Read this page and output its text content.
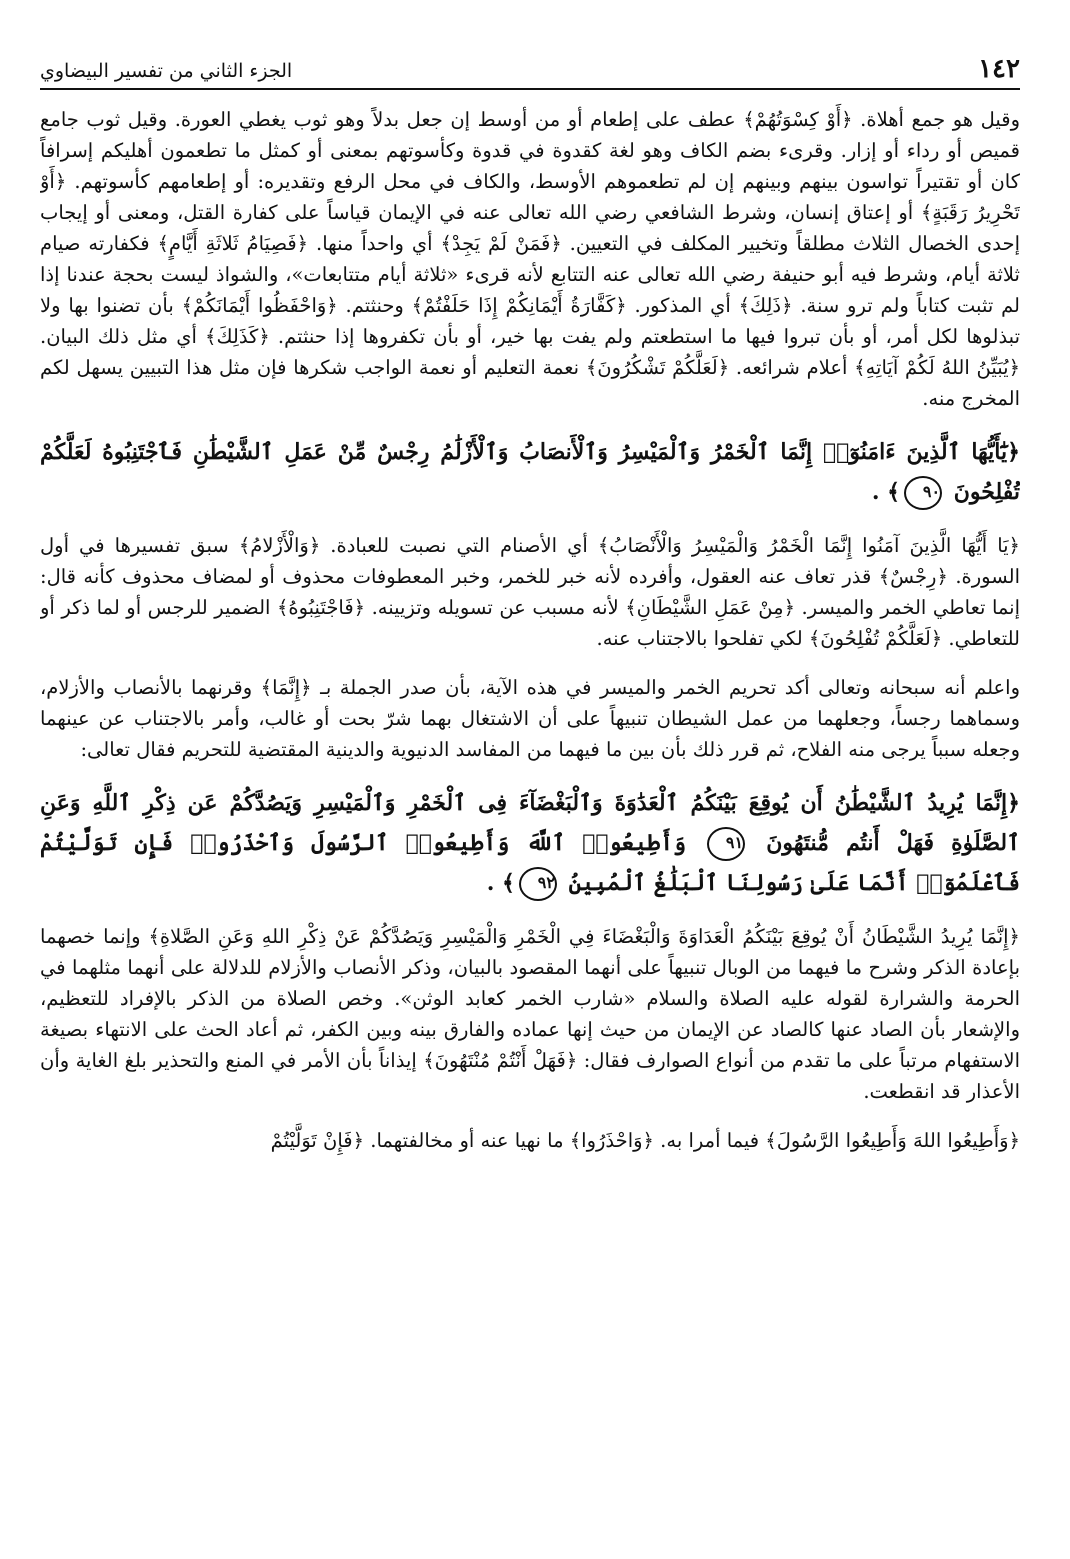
١٤٢
الجزء الثاني من تفسير البيضاوي

وقيل هو جمع أهلاة. ﴿أَوْ كِسْوَتُهُمْ﴾ عطف على إطعام أو من أوسط إن جعل بدلاً وهو ثوب يغطي العورة. وقيل ثوب جامع قميص أو رداء أو إزار. وقرىء بضم الكاف وهو لغة كقدوة في قدوة وكأسوتهم بمعنى أو كمثل ما تطعمون أهليكم إسرافاً كان أو تقتيراً تواسون بينهم وبينهم إن لم تطعموهم الأوسط، والكاف في محل الرفع وتقديره: أو إطعامهم كأسوتهم. ﴿أَوْ تَحْرِيرُ رَقَبَةٍ﴾ أو إعتاق إنسان، وشرط الشافعي رضي الله تعالى عنه في الإيمان قياساً على كفارة القتل، ومعنى أو إيجاب إحدى الخصال الثلاث مطلقاً وتخيير المكلف في التعيين. ﴿فَمَنْ لَمْ يَجِدْ﴾ أي واحداً منها. ﴿فَصِيَامُ ثَلاثَةِ أَيَّامٍ﴾ فكفارته صيام ثلاثة أيام، وشرط فيه أبو حنيفة رضي الله تعالى عنه التتابع لأنه قرىء «ثلاثة أيام متتابعات»، والشواذ ليست بحجة عندنا إذا لم تثبت كتاباً ولم ترو سنة. ﴿ذَلِكَ﴾ أي المذكور. ﴿كَفَّارَةُ أَيْمَانِكُمْ إِذَا حَلَفْتُمْ﴾ وحنثتم. ﴿وَاحْفَظُوا أَيْمَانَكُمْ﴾ بأن تضنوا بها ولا تبذلوها لكل أمر، أو بأن تبروا فيها ما استطعتم ولم يفت بها خير، أو بأن تكفروها إذا حنثتم. ﴿كَذَلِكَ﴾ أي مثل ذلك البيان. ﴿يُبَيِّنُ اللهُ لَكُمْ آيَاتِهِ﴾ أعلام شرائعه. ﴿لَعَلَّكُمْ تَشْكُرُونَ﴾ نعمة التعليم أو نعمة الواجب شكرها فإن مثل هذا التبيين يسهل لكم المخرج منه.

﴿يَٰٓأَيُّهَا ٱلَّذِينَ ءَامَنُوٓا۟ إِنَّمَا ٱلْخَمْرُ وَٱلْمَيْسِرُ وَٱلْأَنصَابُ وَٱلْأَزْلَٰمُ رِجْسٌ مِّنْ عَمَلِ ٱلشَّيْطَٰنِ فَٱجْتَنِبُوهُ لَعَلَّكُمْ تُفْلِحُونَ ٩٠﴾ .

﴿يَا أَيُّهَا الَّذِينَ آمَنُوا إِنَّمَا الْخَمْرُ وَالْمَيْسِرُ وَالْأَنْصَابُ﴾ أي الأصنام التي نصبت للعبادة. ﴿وَالْأَزْلامُ﴾ سبق تفسيرها في أول السورة. ﴿رِجْسٌ﴾ قذر تعاف عنه العقول، وأفرده لأنه خبر للخمر، وخبر المعطوفات محذوف أو لمضاف محذوف كأنه قال: إنما تعاطي الخمر والميسر. ﴿مِنْ عَمَلِ الشَّيْطَانِ﴾ لأنه مسبب عن تسويله وتزيينه. ﴿فَاجْتَنِبُوهُ﴾ الضمير للرجس أو لما ذكر أو للتعاطي. ﴿لَعَلَّكُمْ تُفْلِحُونَ﴾ لكي تفلحوا بالاجتناب عنه.

واعلم أنه سبحانه وتعالى أكد تحريم الخمر والميسر في هذه الآية، بأن صدر الجملة بـ ﴿إِنَّمَا﴾ وقرنهما بالأنصاب والأزلام، وسماهما رجساً، وجعلهما من عمل الشيطان تنبيهاً على أن الاشتغال بهما شرّ بحت أو غالب، وأمر بالاجتناب عن عينهما وجعله سبباً يرجى منه الفلاح، ثم قرر ذلك بأن بين ما فيهما من المفاسد الدنيوية والدينية المقتضية للتحريم فقال تعالى:

﴿إِنَّمَا يُرِيدُ ٱلشَّيْطَٰنُ أَن يُوقِعَ بَيْنَكُمُ ٱلْعَدَٰوَةَ وَٱلْبَغْضَآءَ فِى ٱلْخَمْرِ وَٱلْمَيْسِرِ وَيَصُدَّكُمْ عَن ذِكْرِ ٱللَّهِ وَعَنِ ٱلصَّلَوٰةِ فَهَلْ أَنتُم مُّنتَهُونَ ٩١ وَأَطِيعُوا۟ ٱللَّهَ وَأَطِيعُوا۟ ٱلرَّسُولَ وَٱحْذَرُوا۟ فَإِن تَوَلَّيْتُمْ فَٱعْلَمُوٓا۟ أَنَّمَا عَلَىٰ رَسُولِنَا ٱلْبَلَٰغُ ٱلْمُبِينُ ٩٢﴾ .

﴿إِنَّمَا يُرِيدُ الشَّيْطَانُ أَنْ يُوقِعَ بَيْنَكُمُ الْعَدَاوَةَ وَالْبَغْضَاءَ فِي الْخَمْرِ وَالْمَيْسِرِ وَيَصُدَّكُمْ عَنْ ذِكْرِ اللهِ وَعَنِ الصَّلاةِ﴾ وإنما خصهما بإعادة الذكر وشرح ما فيهما من الوبال تنبيهاً على أنهما المقصود بالبيان، وذكر الأنصاب والأزلام للدلالة على أنهما مثلهما في الحرمة والشرارة لقوله عليه الصلاة والسلام «شارب الخمر كعابد الوثن». وخص الصلاة من الذكر بالإفراد للتعظيم، والإشعار بأن الصاد عنها كالصاد عن الإيمان من حيث إنها عماده والفارق بينه وبين الكفر، ثم أعاد الحث على الانتهاء بصيغة الاستفهام مرتباً على ما تقدم من أنواع الصوارف فقال: ﴿فَهَلْ أَنْتُمْ مُنْتَهُونَ﴾ إيذاناً بأن الأمر في المنع والتحذير بلغ الغاية وأن الأعذار قد انقطعت.

﴿وَأَطِيعُوا اللهَ وَأَطِيعُوا الرَّسُولَ﴾ فيما أمرا به. ﴿وَاحْذَرُوا﴾ ما نهيا عنه أو مخالفتهما. ﴿فَإِنْ تَوَلَّيْتُمْ
